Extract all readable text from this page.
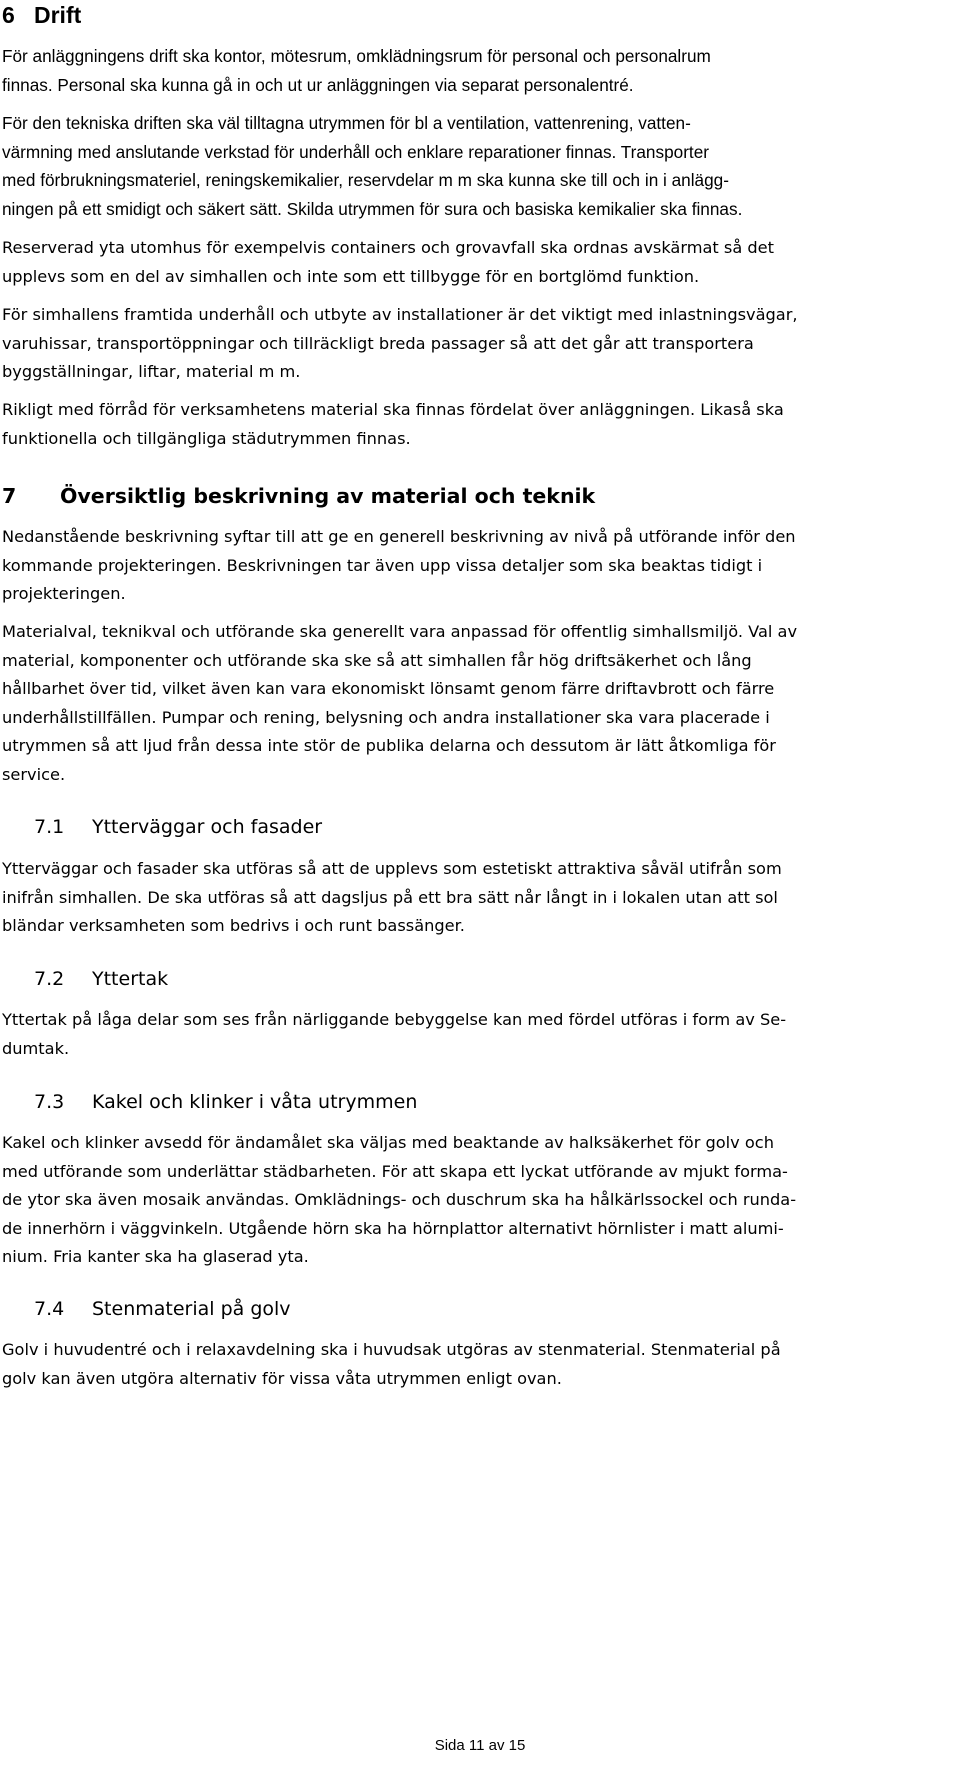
6 Drift

För anläggningens drift ska kontor, mötesrum, omklädningsrum för personal och personalrum
finnas. Personal ska kunna gå in och ut ur anläggningen via separat personalentré.

För den tekniska driften ska väl tilltagna utrymmen för bl a ventilation, vattenrening, vatten-
värmning med anslutande verkstad för underhåll och enklare reparationer finnas. Transporter
med förbrukningsmateriel, reningskemikalier, reservdelar m m ska kunna ske till och in i anlägg-
ningen på ett smidigt och säkert sätt. Skilda utrymmen för sura och basiska kemikalier ska finnas.

Reserverad yta utomhus för exempelvis containers och grovavfall ska ordnas avskärmat så det
upplevs som en del av simhallen och inte som ett tillbygge för en bortglömd funktion.

För simhallens framtida underhåll och utbyte av installationer är det viktigt med inlastningsvägar,
varuhissar, transportöppningar och tillräckligt breda passager så att det går att transportera
byggställningar, liftar, material m m.

Rikligt med förråd för verksamhetens material ska finnas fördelat över anläggningen. Likaså ska
funktionella och tillgängliga städutrymmen finnas.

7 Översiktlig beskrivning av material och teknik

Nedanstående beskrivning syftar till att ge en generell beskrivning av nivå på utförande inför den
kommande projekteringen. Beskrivningen tar även upp vissa detaljer som ska beaktas tidigt i
projekteringen.

Materialval, teknikval och utförande ska generellt vara anpassad för offentlig simhallsmiljö. Val av
material, komponenter och utförande ska ske så att simhallen får hög driftsäkerhet och lång
hållbarhet över tid, vilket även kan vara ekonomiskt lönsamt genom färre driftavbrott och färre
underhållstillfällen. Pumpar och rening, belysning och andra installationer ska vara placerade i
utrymmen så att ljud från dessa inte stör de publika delarna och dessutom är lätt åtkomliga för
service.

7.1 Ytterväggar och fasader

Ytterväggar och fasader ska utföras så att de upplevs som estetiskt attraktiva såväl utifrån som
inifrån simhallen. De ska utföras så att dagsljus på ett bra sätt når långt in i lokalen utan att sol
bländar verksamheten som bedrivs i och runt bassänger.

7.2 Yttertak

Yttertak på låga delar som ses från närliggande bebyggelse kan med fördel utföras i form av Se-
dumtak.

7.3 Kakel och klinker i våta utrymmen

Kakel och klinker avsedd för ändamålet ska väljas med beaktande av halksäkerhet för golv och
med utförande som underlättar städbarheten. För att skapa ett lyckat utförande av mjukt forma-
de ytor ska även mosaik användas. Omklädnings- och duschrum ska ha hålkärlssockel och runda-
de innerhörn i väggvinkeln. Utgående hörn ska ha hörnplattor alternativt hörnlister i matt alumi-
nium. Fria kanter ska ha glaserad yta.

7.4 Stenmaterial på golv

Golv i huvudentré och i relaxavdelning ska i huvudsak utgöras av stenmaterial. Stenmaterial på
golv kan även utgöra alternativ för vissa våta utrymmen enligt ovan.

Sida 11 av 15
